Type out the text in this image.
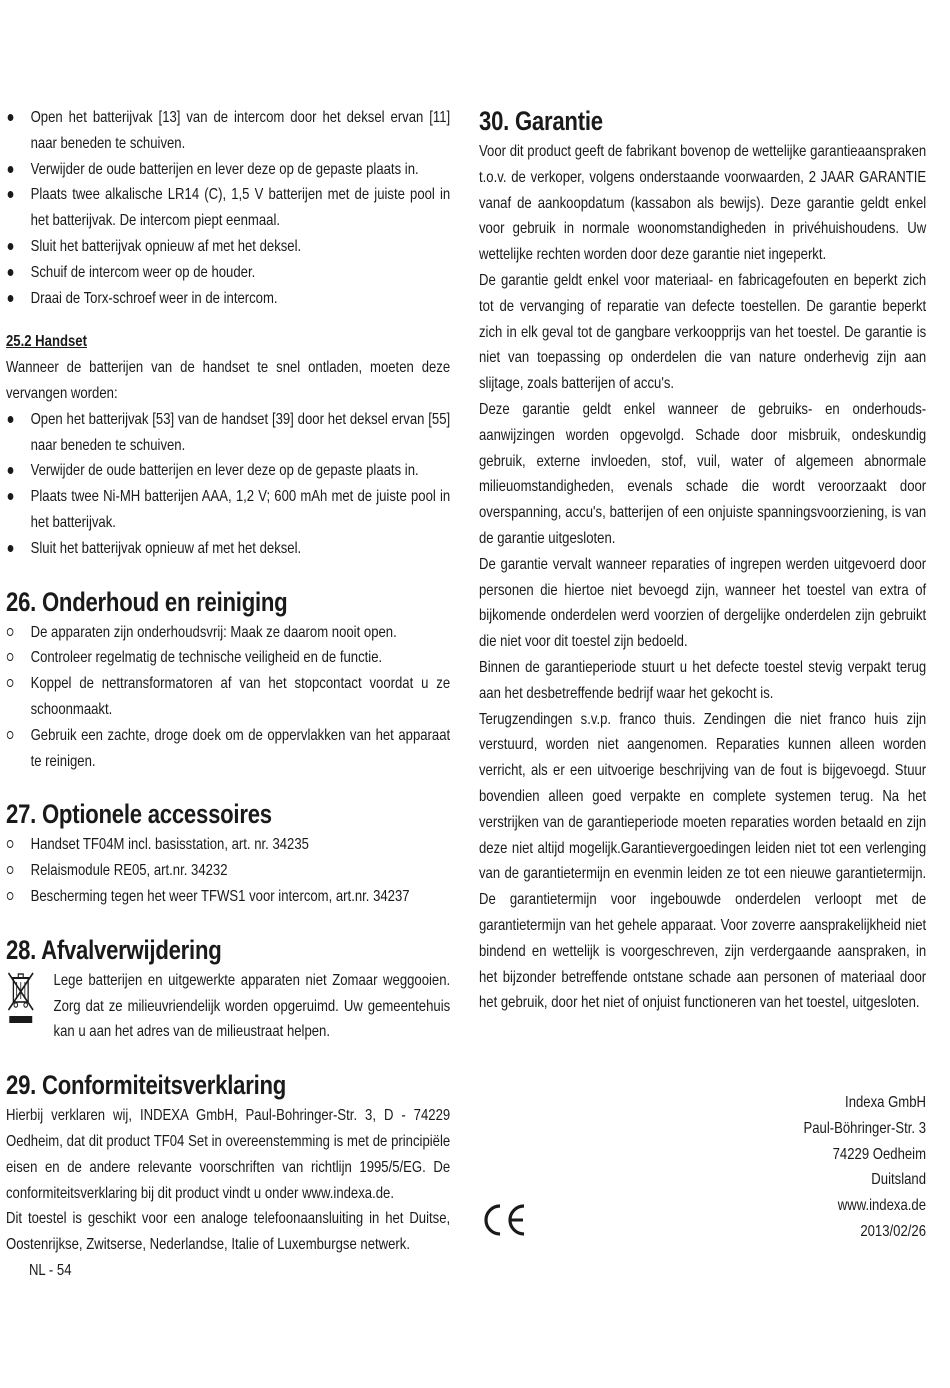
Open het batterijvak [13] van de intercom door het deksel ervan [11] naar beneden te schuiven.
Verwijder de oude batterijen en lever deze op de gepaste plaats in.
Plaats twee alkalische LR14 (C), 1,5 V batterijen met de juiste pool in het batterijvak. De intercom piept eenmaal.
Sluit het batterijvak opnieuw af met het deksel.
Schuif de intercom weer op de houder.
Draai de Torx-schroef weer in de intercom.
25.2 Handset

Wanneer de batterijen van de handset te snel ontladen, moeten deze vervangen worden:

Open het batterijvak [53] van de handset [39] door het deksel ervan [55] naar beneden te schuiven.
Verwijder de oude batterijen en lever deze op de gepaste plaats in.
Plaats twee Ni-MH batterijen AAA, 1,2 V; 600 mAh met de juiste pool in het batterijvak.
Sluit het batterijvak opnieuw af met het deksel.
26. Onderhoud en reiniging
De apparaten zijn onderhoudsvrij: Maak ze daarom nooit open.
Controleer regelmatig de technische veiligheid en de functie.
Koppel de nettransformatoren af van het stopcontact voordat u ze schoonmaakt.
Gebruik een zachte, droge doek om de oppervlakken van het apparaat te reinigen.
27. Optionele accessoires
Handset TF04M incl. basisstation, art. nr. 34235
Relaismodule RE05, art.nr. 34232
Bescherming tegen het weer TFWS1 voor intercom, art.nr. 34237
28. Afvalverwijdering

Lege batterijen en uitgewerkte apparaten niet Zomaar weggooien. Zorg dat ze milieuvriendelijk worden opgeruimd. Uw gemeentehuis kan u aan het adres van de milieustraat helpen.

29. Conformiteitsverklaring

Hierbij verklaren wij, INDEXA GmbH, Paul-Bohringer-Str. 3, D - 74229 Oedheim, dat dit product TF04 Set in overeenstemming is met de principiële eisen en de andere relevante voorschriften van richtlijn 1995/5/EG. De conformiteitsverklaring bij dit product vindt u onder www.indexa.de.

Dit toestel is geschikt voor een analoge telefoonaansluiting in het Duitse, Oostenrijkse, Zwitserse, Nederlandse, Italie of Luxemburgse netwerk.

NL - 54

30. Garantie

Voor dit product geeft de fabrikant bovenop de wettelijke garantieaanspraken t.o.v. de verkoper, volgens onderstaande voorwaarden, 2 JAAR GARANTIE vanaf de aankoopdatum (kassabon als bewijs). Deze garantie geldt enkel voor gebruik in normale woonomstandigheden in privéhuishoudens. Uw wettelijke rechten worden door deze garantie niet ingeperkt.

De garantie geldt enkel voor materiaal- en fabricagefouten en beperkt zich tot de vervanging of reparatie van defecte toestellen. De garantie beperkt zich in elk geval tot de gangbare verkoopprijs van het toestel. De garantie is niet van toepassing op onderdelen die van nature onderhevig zijn aan slijtage, zoals batterijen of accu's.

Deze garantie geldt enkel wanneer de gebruiks- en onderhouds-aanwijzingen worden opgevolgd. Schade door misbruik, ondeskundig gebruik, externe invloeden, stof, vuil, water of algemeen abnormale milieuomstandigheden, evenals schade die wordt veroorzaakt door overspanning, accu's, batterijen of een onjuiste spanningsvoorziening, is van de garantie uitgesloten.

De garantie vervalt wanneer reparaties of ingrepen werden uitgevoerd door personen die hiertoe niet bevoegd zijn, wanneer het toestel van extra of bijkomende onderdelen werd voorzien of dergelijke onderdelen zijn gebruikt die niet voor dit toestel zijn bedoeld.

Binnen de garantieperiode stuurt u het defecte toestel stevig verpakt terug aan het desbetreffende bedrijf waar het gekocht is.

Terugzendingen s.v.p. franco thuis. Zendingen die niet franco huis zijn verstuurd, worden niet aangenomen. Reparaties kunnen alleen worden verricht, als er een uitvoerige beschrijving van de fout is bijgevoegd. Stuur bovendien alleen goed verpakte en complete systemen terug. Na het verstrijken van de garantieperiode moeten reparaties worden betaald en zijn deze niet altijd mogelijk.Garantievergoedingen leiden niet tot een verlenging van de garantietermijn en evenmin leiden ze tot een nieuwe garantietermijn. De garantietermijn voor ingebouwde onderdelen verloopt met de garantietermijn van het gehele apparaat. Voor zoverre aansprakelijkheid niet bindend en wettelijk is voorgeschreven, zijn verdergaande aanspraken, in het bijzonder betreffende ontstane schade aan personen of materiaal door het gebruik, door het niet of onjuist functioneren van het toestel, uitgesloten.

Indexa GmbH

Paul-Böhringer-Str. 3

74229 Oedheim

Duitsland

www.indexa.de

2013/02/26
